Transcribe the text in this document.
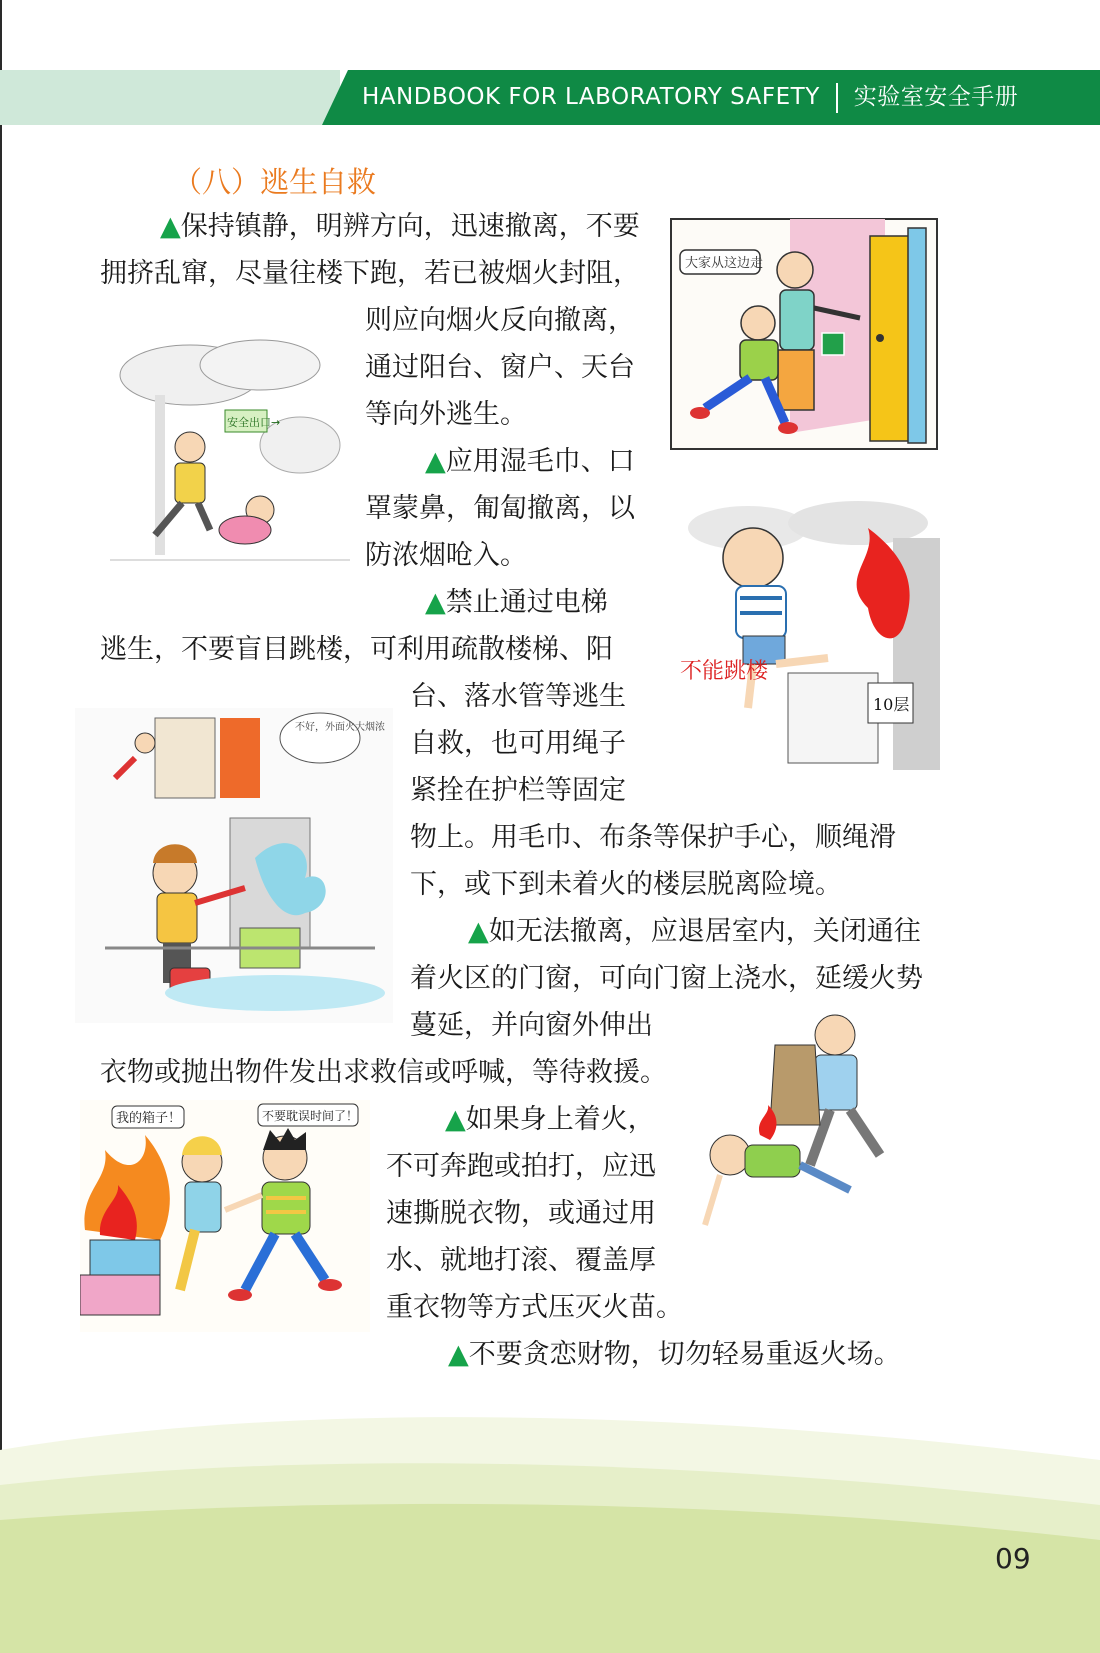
HANDBOOK FOR LABORATORY SAFETY 实验室安全手册
（八）逃生自救
▲保持镇静，明辨方向，迅速撤离，不要
拥挤乱窜，尽量往楼下跑，若已被烟火封阻，
则应向烟火反向撤离，
通过阳台、窗户、天台
等向外逃生。
▲应用湿毛巾、口
罩蒙鼻，匍匐撤离，以
防浓烟呛入。
▲禁止通过电梯
逃生，不要盲目跳楼，可利用疏散楼梯、阳
台、落水管等逃生
自救，也可用绳子
紧拴在护栏等固定
物上。用毛巾、布条等保护手心，顺绳滑
下，或下到未着火的楼层脱离险境。
▲如无法撤离，应退居室内，关闭通往
着火区的门窗，可向门窗上浇水，延缓火势
蔓延，并向窗外伸出
衣物或抛出物件发出求救信或呼喊，等待救援。
▲如果身上着火，
不可奔跑或拍打，应迅
速撕脱衣物，或通过用
水、就地打滚、覆盖厚
重衣物等方式压灭火苗。
▲不要贪恋财物，切勿轻易重返火场。
大家从这边走
安全出口→
不能跳楼
10层
不好，外面火大烟浓
我的箱子！	不要耽误时间了！
09
